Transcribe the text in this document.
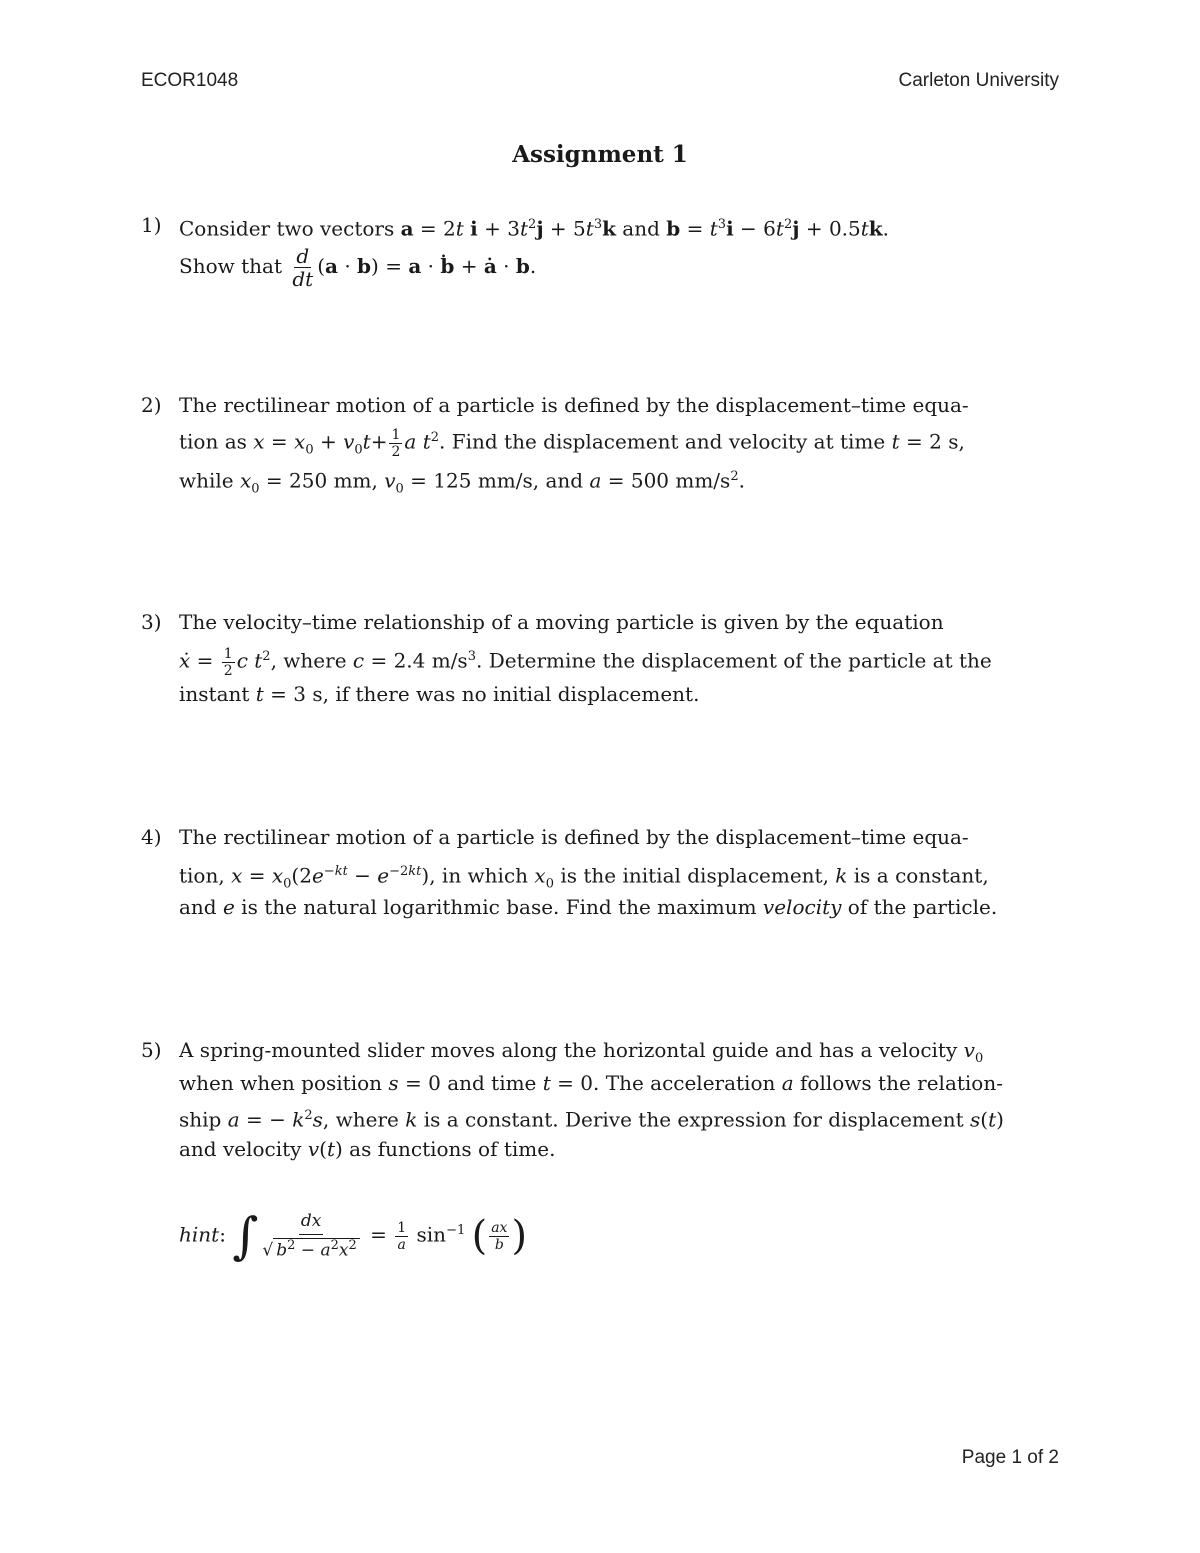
ECOR1048	Carleton University
Assignment 1
1) Consider two vectors a = 2t $i + 3t^2j + 5t^3k$ and $b = t^3i - 6t^2j + 0.5tk$.
Show that $\frac{d}{dt} (a \cdot b) = a$ · ḃ + ȧ · b.
2) The rectilinear motion of a particle is defined by the displacement–time equa-
tion as $x = x_0 + v_0t+ \frac{1}{2}$ a $t^2$. Find the displacement and velocity at time t = 2 s,
while $x_0 = 250$ mm, $v_0 = 125$ mm/s, and a = 500 $mm/s^2$.
3) The velocity–time relationship of a moving particle is given by the equation
ẋ = $\frac{1}{2}$ c $t^2$, where c = 2.4 $m/s^3$. Determine the displacement of the particle at the
instant t = 3 s, if there was no initial displacement.
4) The rectilinear motion of a particle is defined by the displacement–time equa-
tion, $x = x_0(2e^{-kt} - e^{-2kt})$, in which $x_0$ is the initial displacement, k is a constant,
and e is the natural logarithmic base. Find the maximum velocity of the particle.
5) A spring-mounted slider moves along the horizontal guide and has a velocity $v_0$
when when position s = 0 and time t = 0. The acceleration a follows the relation-
ship a = − $k^2s$, where k is a constant. Derive the expression for displacement s(t)
and velocity v(t) as functions of time.
hint: ∫ $\frac{dx}{√ b^2 - a^2x^2} = \frac{1}{a} \sin^{-1}$ ( $\frac{ax}{b}$ )
Page 1 of 2
